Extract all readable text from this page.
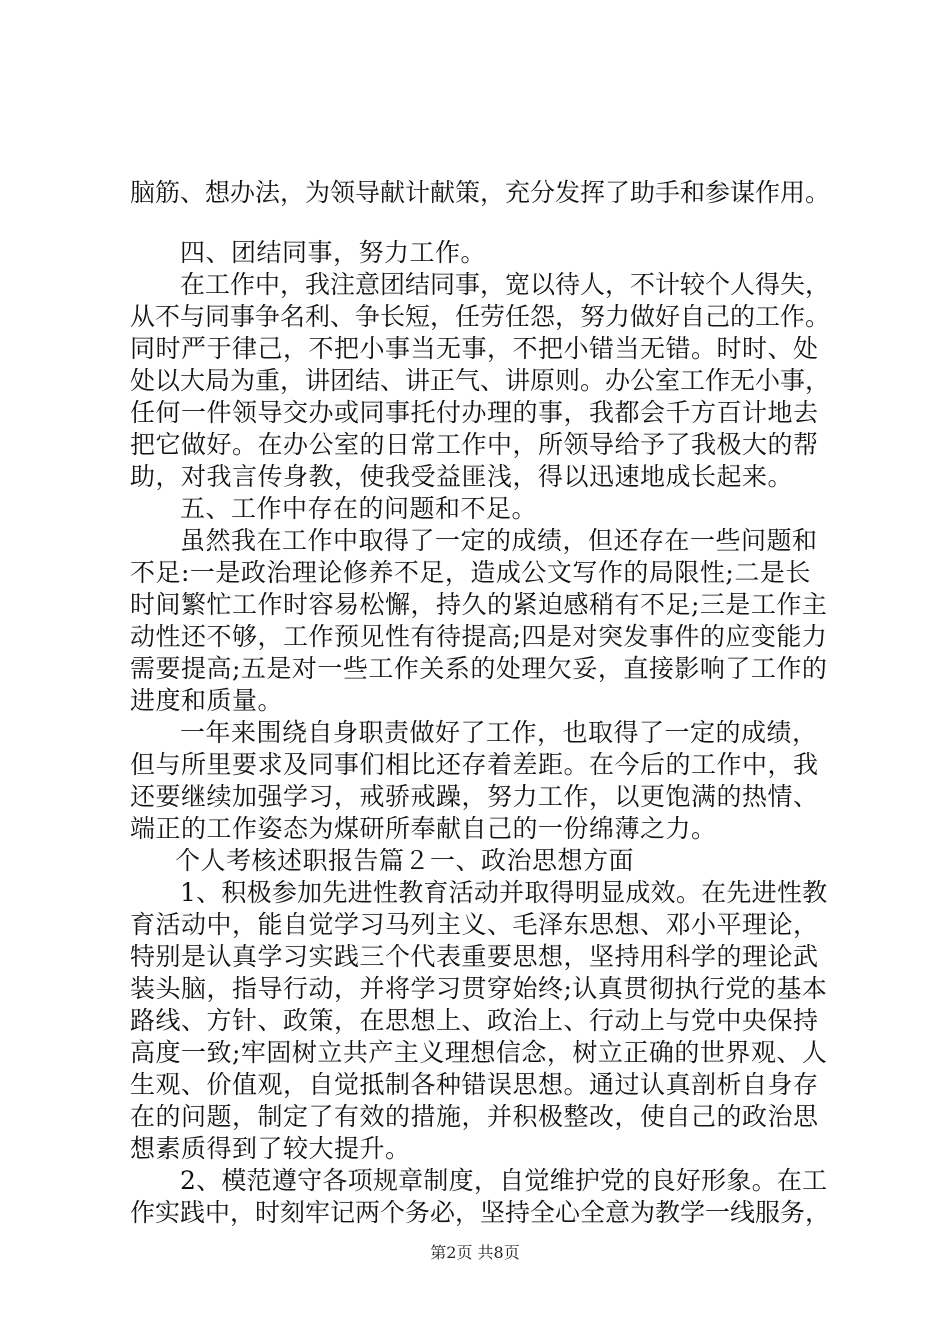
脑筋、想办法，为领导献计献策，充分发挥了助手和参谋作用。
四、团结同事，努力工作。
在工作中，我注意团结同事，宽以待人，不计较个人得失，
从不与同事争名利、争长短，任劳任怨，努力做好自己的工作。
同时严于律己，不把小事当无事，不把小错当无错。时时、处
处以大局为重，讲团结、讲正气、讲原则。办公室工作无小事，
任何一件领导交办或同事托付办理的事，我都会千方百计地去
把它做好。在办公室的日常工作中，所领导给予了我极大的帮
助，对我言传身教，使我受益匪浅，得以迅速地成长起来。
五、工作中存在的问题和不足。
虽然我在工作中取得了一定的成绩，但还存在一些问题和
不足:一是政治理论修养不足，造成公文写作的局限性;二是长
时间繁忙工作时容易松懈，持久的紧迫感稍有不足;三是工作主
动性还不够，工作预见性有待提高;四是对突发事件的应变能力
需要提高;五是对一些工作关系的处理欠妥，直接影响了工作的
进度和质量。
一年来围绕自身职责做好了工作，也取得了一定的成绩，
但与所里要求及同事们相比还存着差距。在今后的工作中，我
还要继续加强学习，戒骄戒躁，努力工作，以更饱满的热情、
端正的工作姿态为煤研所奉献自己的一份绵薄之力。
个人考核述职报告篇２一、政治思想方面
1、积极参加先进性教育活动并取得明显成效。在先进性教
育活动中，能自觉学习马列主义、毛泽东思想、邓小平理论，
特别是认真学习实践三个代表重要思想，坚持用科学的理论武
装头脑，指导行动，并将学习贯穿始终;认真贯彻执行党的基本
路线、方针、政策，在思想上、政治上、行动上与党中央保持
高度一致;牢固树立共产主义理想信念，树立正确的世界观、人
生观、价值观，自觉抵制各种错误思想。通过认真剖析自身存
在的问题，制定了有效的措施，并积极整改，使自己的政治思
想素质得到了较大提升。
2、模范遵守各项规章制度，自觉维护党的良好形象。在工
作实践中，时刻牢记两个务必，坚持全心全意为教学一线服务，
第2页 共8页
